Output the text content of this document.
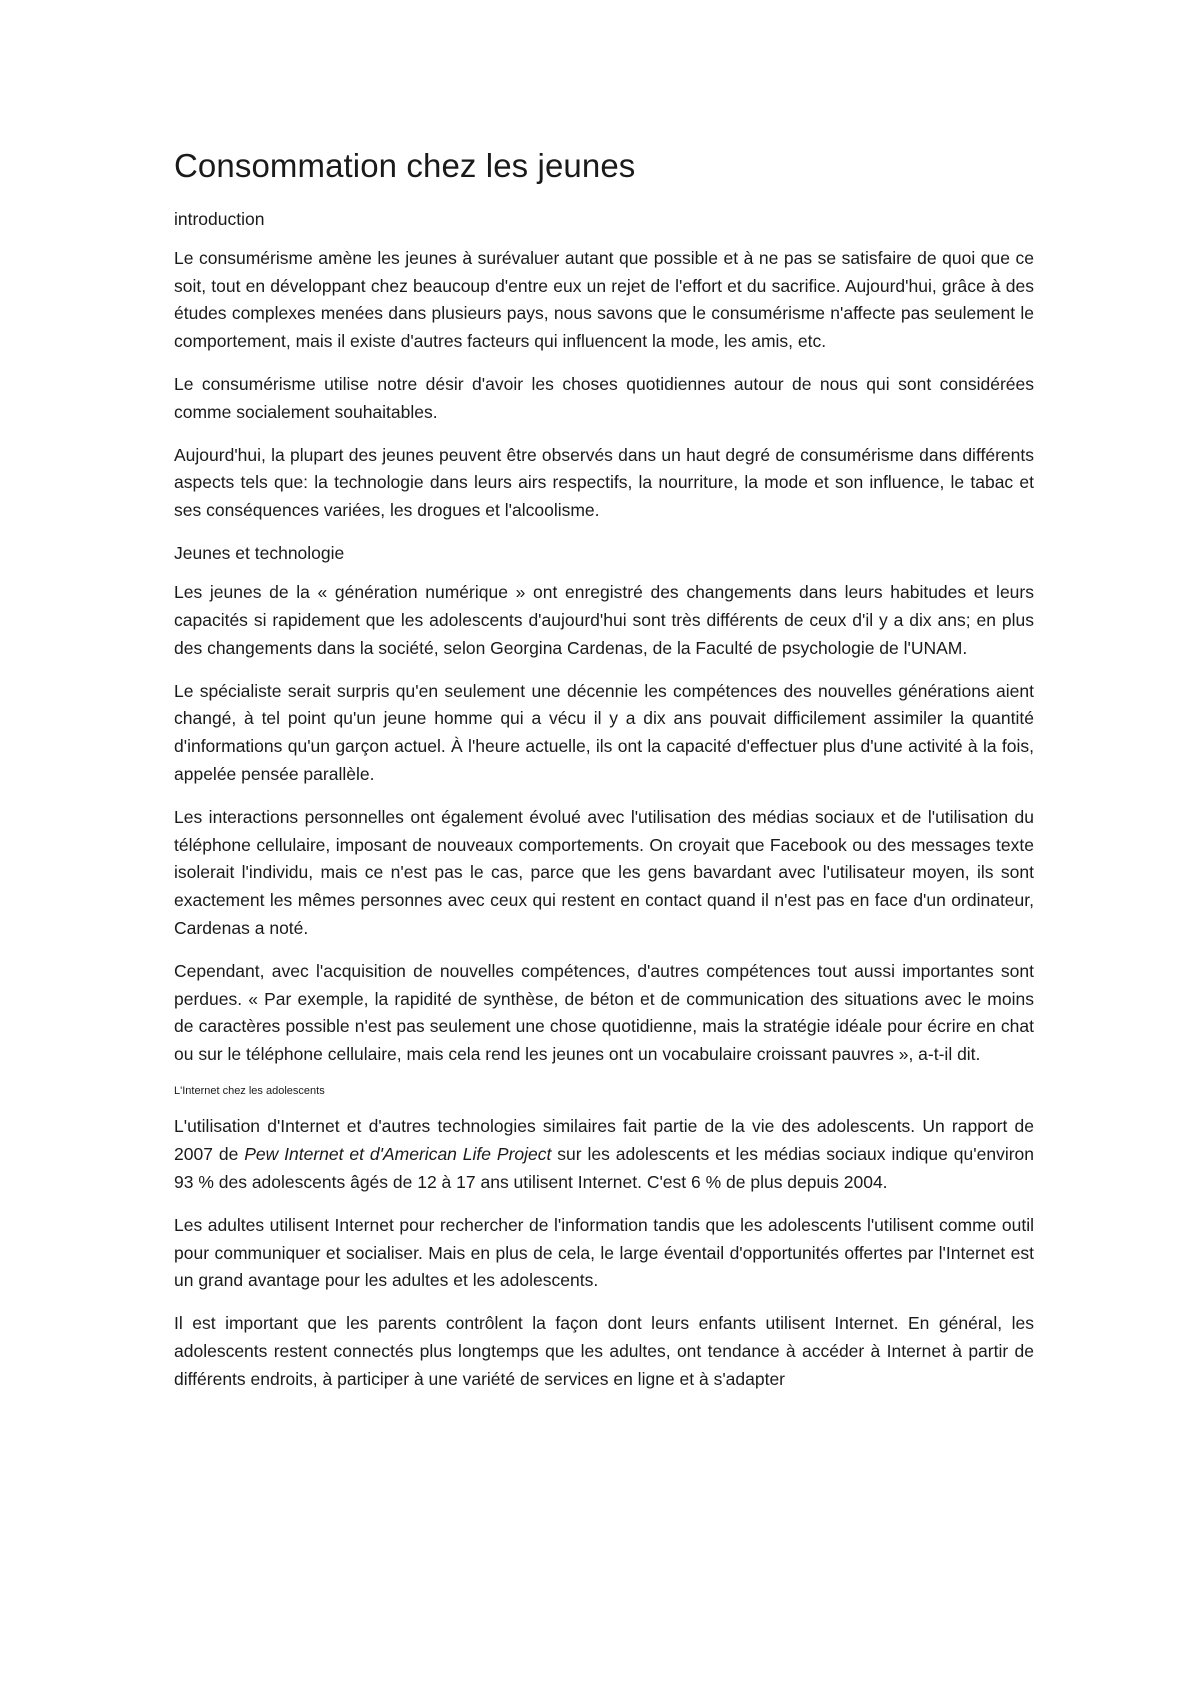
Consommation chez les jeunes
introduction

Le consumérisme amène les jeunes à surévaluer autant que possible et à ne pas se satisfaire de quoi que ce soit, tout en développant chez beaucoup d'entre eux un rejet de l'effort et du sacrifice. Aujourd'hui, grâce à des études complexes menées dans plusieurs pays, nous savons que le consumérisme n'affecte pas seulement le comportement, mais il existe d'autres facteurs qui influencent la mode, les amis, etc.

Le consumérisme utilise notre désir d'avoir les choses quotidiennes autour de nous qui sont considérées comme socialement souhaitables.

Aujourd'hui, la plupart des jeunes peuvent être observés dans un haut degré de consumérisme dans différents aspects tels que: la technologie dans leurs airs respectifs, la nourriture, la mode et son influence, le tabac et ses conséquences variées, les drogues et l'alcoolisme.

Jeunes et technologie

Les jeunes de la « génération numérique » ont enregistré des changements dans leurs habitudes et leurs capacités si rapidement que les adolescents d'aujourd'hui sont très différents de ceux d'il y a dix ans; en plus des changements dans la société, selon Georgina Cardenas, de la Faculté de psychologie de l'UNAM.

Le spécialiste serait surpris qu'en seulement une décennie les compétences des nouvelles générations aient changé, à tel point qu'un jeune homme qui a vécu il y a dix ans pouvait difficilement assimiler la quantité d'informations qu'un garçon actuel. À l'heure actuelle, ils ont la capacité d'effectuer plus d'une activité à la fois, appelée pensée parallèle.

Les interactions personnelles ont également évolué avec l'utilisation des médias sociaux et de l'utilisation du téléphone cellulaire, imposant de nouveaux comportements. On croyait que Facebook ou des messages texte isolerait l'individu, mais ce n'est pas le cas, parce que les gens bavardant avec l'utilisateur moyen, ils sont exactement les mêmes personnes avec ceux qui restent en contact quand il n'est pas en face d'un ordinateur, Cardenas a noté.

Cependant, avec l'acquisition de nouvelles compétences, d'autres compétences tout aussi importantes sont perdues. « Par exemple, la rapidité de synthèse, de béton et de communication des situations avec le moins de caractères possible n'est pas seulement une chose quotidienne, mais la stratégie idéale pour écrire en chat ou sur le téléphone cellulaire, mais cela rend les jeunes ont un vocabulaire croissant pauvres », a-t-il dit.

L'Internet chez les adolescents

L'utilisation d'Internet et d'autres technologies similaires fait partie de la vie des adolescents. Un rapport de 2007 de Pew Internet et d'American Life Project sur les adolescents et les médias sociaux indique qu'environ 93 % des adolescents âgés de 12 à 17 ans utilisent Internet. C'est 6 % de plus depuis 2004.

Les adultes utilisent Internet pour rechercher de l'information tandis que les adolescents l'utilisent comme outil pour communiquer et socialiser. Mais en plus de cela, le large éventail d'opportunités offertes par l'Internet est un grand avantage pour les adultes et les adolescents.

Il est important que les parents contrôlent la façon dont leurs enfants utilisent Internet. En général, les adolescents restent connectés plus longtemps que les adultes, ont tendance à accéder à Internet à partir de différents endroits, à participer à une variété de services en ligne et à s'adapter
